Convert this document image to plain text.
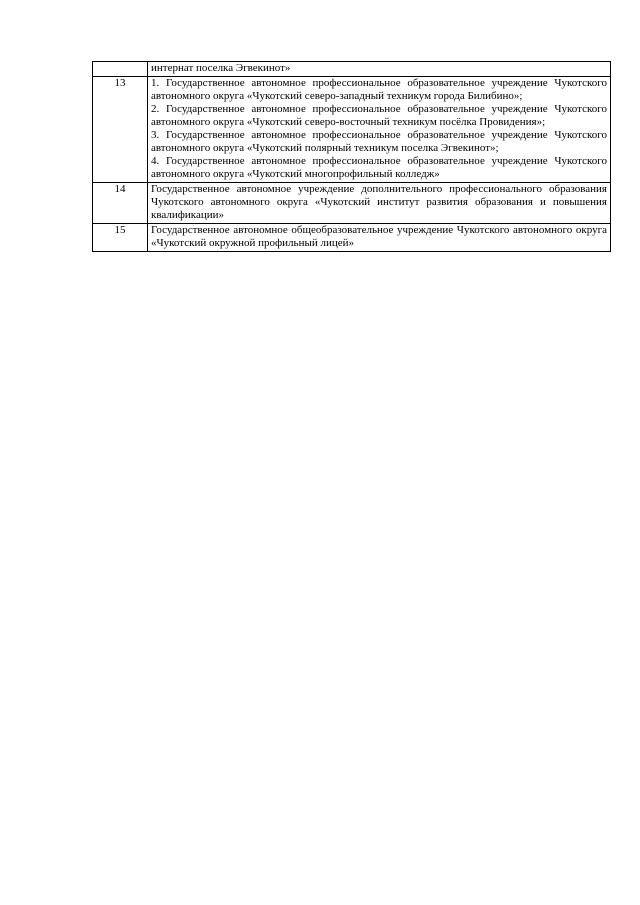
	интернат поселка Эгвекинот»

13	1. Государственное автономное профессиональное образовательное учреждение Чукотского автономного округа «Чукотский северо-западный техникум города Билибино»;
2. Государственное автономное профессиональное образовательное учреждение Чукотского автономного округа «Чукотский северо-восточный техникум посёлка Провидения»;
3. Государственное автономное профессиональное образовательное учреждение Чукотского автономного округа «Чукотский полярный техникум поселка Эгвекинот»;
4. Государственное автономное профессиональное образовательное учреждение Чукотского автономного округа «Чукотский многопрофильный колледж»

14	Государственное автономное учреждение дополнительного профессионального образования Чукотского автономного округа «Чукотский институт развития образования и повышения квалификации»

15	Государственное автономное общеобразовательное учреждение Чукотского автономного округа «Чукотский окружной профильный лицей»
